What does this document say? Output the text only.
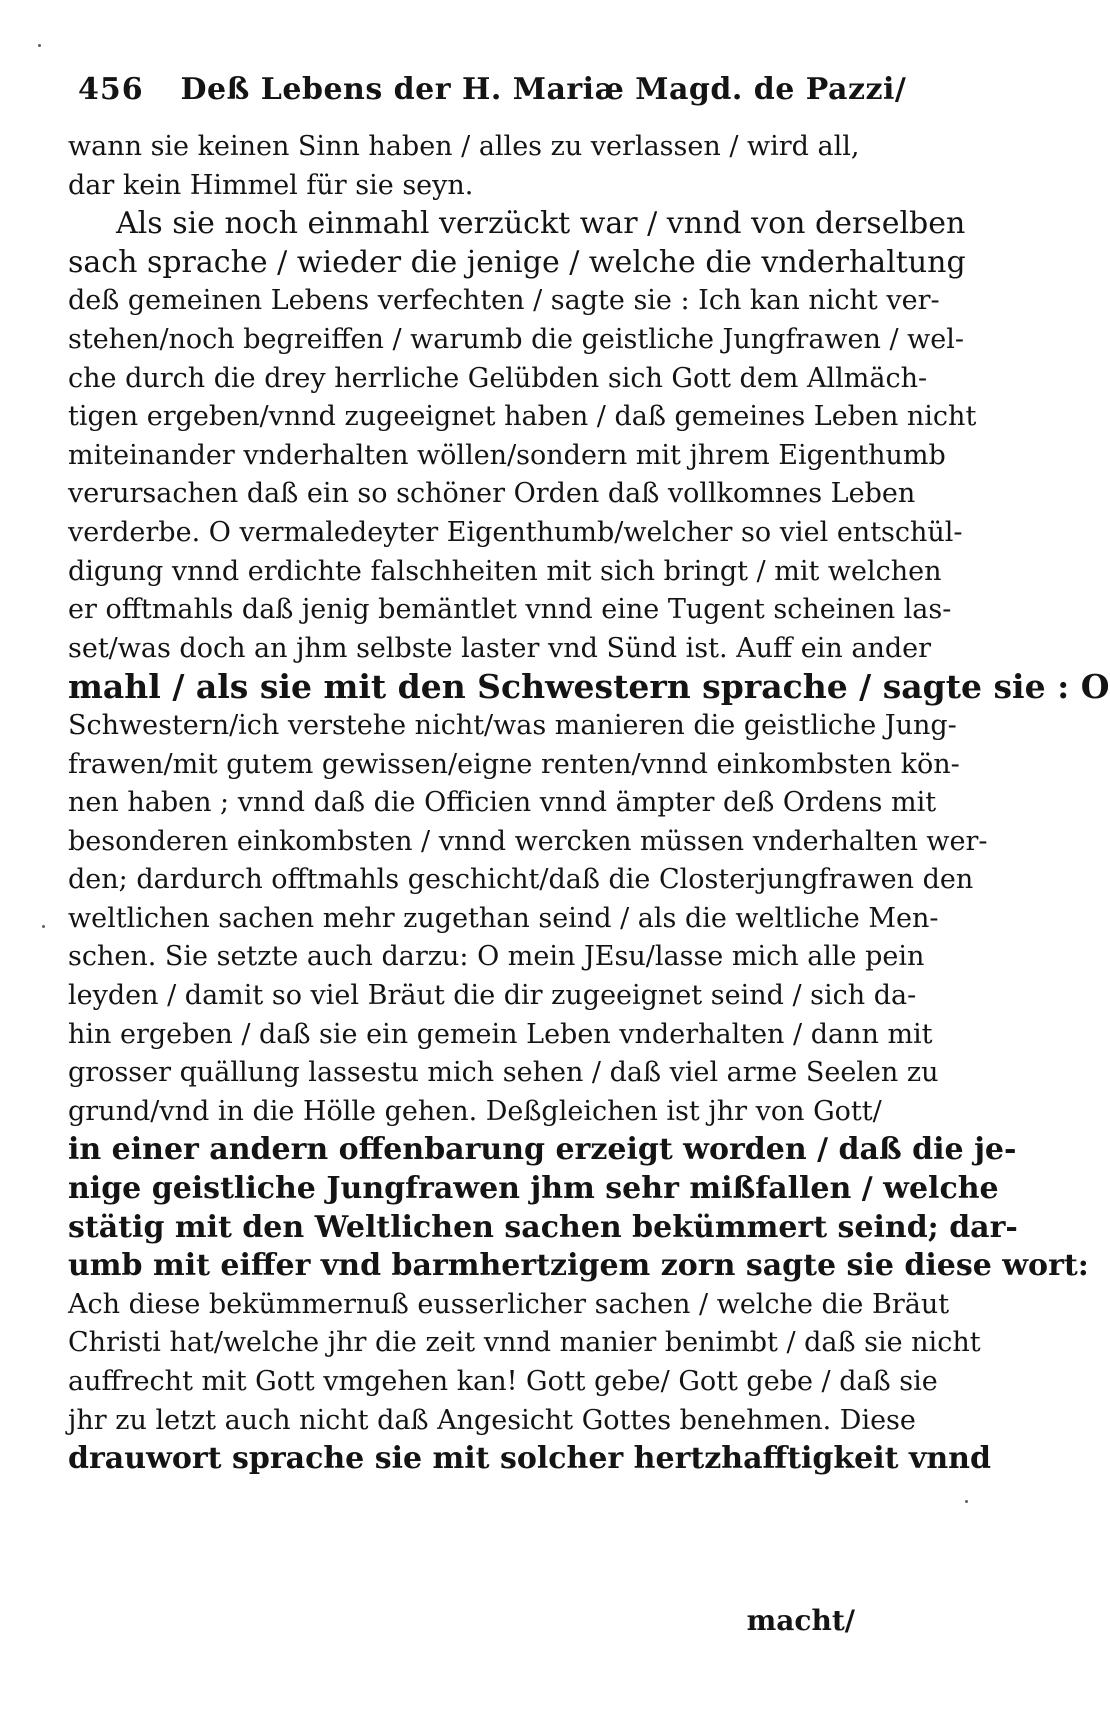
456 Deß Lebens der H. Mariæ Magd. de Pazzi/
wann sie keinen Sinn haben / alles zu verlassen / wird all,
dar kein Himmel für sie seyn.
Als sie noch einmahl verzückt war / vnnd von derselben
sach sprache / wieder die jenige / welche die vnderhaltung
deß gemeinen Lebens verfechten / sagte sie : Ich kan nicht ver-
stehen/noch begreiffen / warumb die geistliche Jungfrawen / wel-
che durch die drey herrliche Gelübden sich Gott dem Allmäch-
tigen ergeben/vnnd zugeeignet haben / daß gemeines Leben nicht
miteinander vnderhalten wöllen/sondern mit jhrem Eigenthumb
verursachen daß ein so schöner Orden daß vollkomnes Leben
verderbe. O vermaledeyter Eigenthumb/welcher so viel entschül-
digung vnnd erdichte falschheiten mit sich bringt / mit welchen
er offtmahls daß jenig bemäntlet vnnd eine Tugent scheinen las-
set/was doch an jhm selbste laster vnd Sünd ist. Auff ein ander
mahl / als sie mit den Schwestern sprache / sagte sie : O
Schwestern/ich verstehe nicht/was manieren die geistliche Jung-
frawen/mit gutem gewissen/eigne renten/vnnd einkombsten kön-
nen haben ; vnnd daß die Officien vnnd ämpter deß Ordens mit
besonderen einkombsten / vnnd wercken müssen vnderhalten wer-
den; dardurch offtmahls geschicht/daß die Closterjungfrawen den
weltlichen sachen mehr zugethan seind / als die weltliche Men-
schen. Sie setzte auch darzu: O mein JEsu/lasse mich alle pein
leyden / damit so viel Bräut die dir zugeeignet seind / sich da-
hin ergeben / daß sie ein gemein Leben vnderhalten / dann mit
grosser quällung lassestu mich sehen / daß viel arme Seelen zu
grund/vnd in die Hölle gehen. Deßgleichen ist jhr von Gott/
in einer andern offenbarung erzeigt worden / daß die je-
nige geistliche Jungfrawen jhm sehr mißfallen / welche
stätig mit den Weltlichen sachen bekümmert seind; dar-
umb mit eiffer vnd barmhertzigem zorn sagte sie diese wort:
Ach diese bekümmernuß eusserlicher sachen / welche die Bräut
Christi hat/welche jhr die zeit vnnd manier benimbt / daß sie nicht
auffrecht mit Gott vmgehen kan! Gott gebe/ Gott gebe / daß sie
jhr zu letzt auch nicht daß Angesicht Gottes benehmen. Diese
drauwort sprache sie mit solcher hertzhafftigkeit vnnd
macht/
